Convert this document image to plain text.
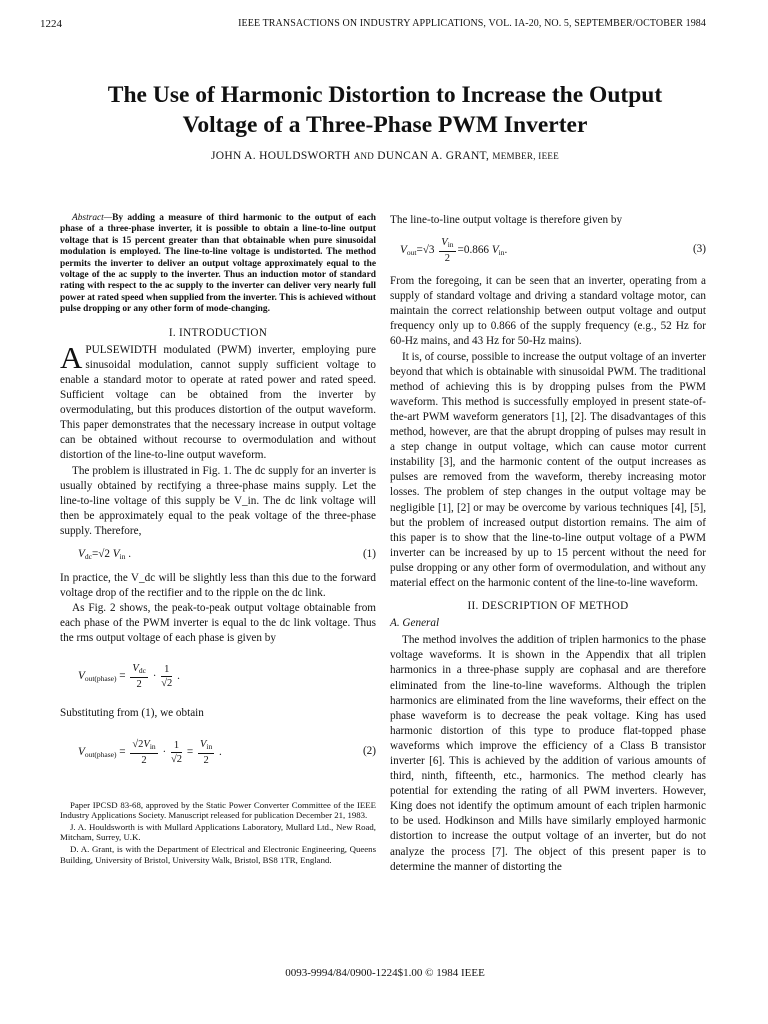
1224	IEEE TRANSACTIONS ON INDUSTRY APPLICATIONS, VOL. IA-20, NO. 5, SEPTEMBER/OCTOBER 1984
The Use of Harmonic Distortion to Increase the Output
Voltage of a Three-Phase PWM Inverter
JOHN A. HOULDSWORTH AND DUNCAN A. GRANT, MEMBER, IEEE
Abstract—By adding a measure of third harmonic to the output of each phase of a three-phase inverter, it is possible to obtain a line-to-line output voltage that is 15 percent greater than that obtainable when pure sinusoidal modulation is employed. The line-to-line voltage is undistorted. The method permits the inverter to deliver an output voltage approximately equal to the voltage of the ac supply to the inverter. Thus an induction motor of standard rating with respect to the ac supply to the inverter can deliver very nearly full power at rated speed when supplied from the inverter. This is achieved without pulse dropping or any other form of mode-changing.
I. INTRODUCTION

APULSEWIDTH modulated (PWM) inverter, employing pure sinusoidal modulation, cannot supply sufficient voltage to enable a standard motor to operate at rated power and rated speed. Sufficient voltage can be obtained from the inverter by overmodulating, but this produces distortion of the output waveform. This paper demonstrates that the necessary increase in output voltage can be obtained without recourse to overmodulation and without distortion of the line-to-line output waveform.

The problem is illustrated in Fig. 1. The dc supply for an inverter is usually obtained by rectifying a three-phase mains supply. Let the line-to-line voltage of this supply be V_in. The dc link voltage will then be approximately equal to the peak voltage of the three-phase supply. Therefore,

$V_{dc}=√2$ $V_{in}$ .	(1)

In practice, the V_dc will be slightly less than this due to the forward voltage drop of the rectifier and to the ripple on the dc link.

As Fig. 2 shows, the peak-to-peak output voltage obtainable from each phase of the PWM inverter is equal to the dc link voltage. Thus the rms output voltage of each phase is given by

$V_{out(phase)} = \frac{V_{dc}}{2} \cdot \frac{1}{√2}$ .

Substituting from (1), we obtain

$V_{out(phase)} = \frac{√2V_{in}}{2} \cdot \frac{1}{√2} = \frac{V_{in}}{2}$ .	(2)

Paper IPCSD 83-68, approved by the Static Power Converter Committee of the IEEE Industry Applications Society. Manuscript released for publication December 21, 1983.

J. A. Houldsworth is with Mullard Applications Laboratory, Mullard Ltd., New Road, Mitcham, Surrey, U.K.

D. A. Grant, is with the Department of Electrical and Electronic Engineering, Queens Building, University of Bristol, University Walk, Bristol, BS8 1TR, England.

The line-to-line output voltage is therefore given by

$V_{out}=√3 \frac{V_{in}}{2} =0.866$ $V_{in}$.	(3)

From the foregoing, it can be seen that an inverter, operating from a supply of standard voltage and driving a standard voltage motor, can maintain the correct relationship between output voltage and output frequency only up to 0.866 of the supply frequency (e.g., 52 Hz for 60-Hz mains, and 43 Hz for 50-Hz mains).

It is, of course, possible to increase the output voltage of an inverter beyond that which is obtainable with sinusoidal PWM. The traditional method of achieving this is by dropping pulses from the PWM waveform. This method is successfully employed in present state-of-the-art PWM waveform generators [1], [2]. The disadvantages of this method, however, are that the abrupt dropping of pulses may result in a step change in output voltage, which can cause motor current instability [3], and the harmonic content of the output increases as pulses are removed from the waveform, thereby increasing motor losses. The problem of step changes in the output voltage may be negligible [1], [2] or may be overcome by various techniques [4], [5], but the problem of increased output distortion remains. The aim of this paper is to show that the line-to-line output voltage of a PWM inverter can be increased by up to 15 percent without the need for pulse dropping or any other form of overmodulation, and without any material effect on the harmonic content of the line-to-line waveform.

II. DESCRIPTION OF METHOD
A. General

The method involves the addition of triplen harmonics to the phase voltage waveforms. It is shown in the Appendix that all triplen harmonics in a three-phase supply are cophasal and are therefore eliminated from the line-to-line waveforms. Although the triplen harmonics are eliminated from the line waveforms, their effect on the phase waveform is to decrease the peak voltage. King has used harmonic distortion of this type to produce flat-topped phase waveforms which improve the efficiency of a Class B transistor inverter [6]. This is achieved by the addition of various amounts of third, ninth, fifteenth, etc., harmonics. The method clearly has potential for extending the rating of all PWM inverters. However, King does not identify the optimum amount of each triplen harmonic to be used. Hodkinson and Mills have similarly employed harmonic distortion to increase the output voltage of an inverter, but do not analyze the process [7]. The object of this present paper is to determine the manner of distorting the

0093-9994/84/0900-1224$1.00 © 1984 IEEE
